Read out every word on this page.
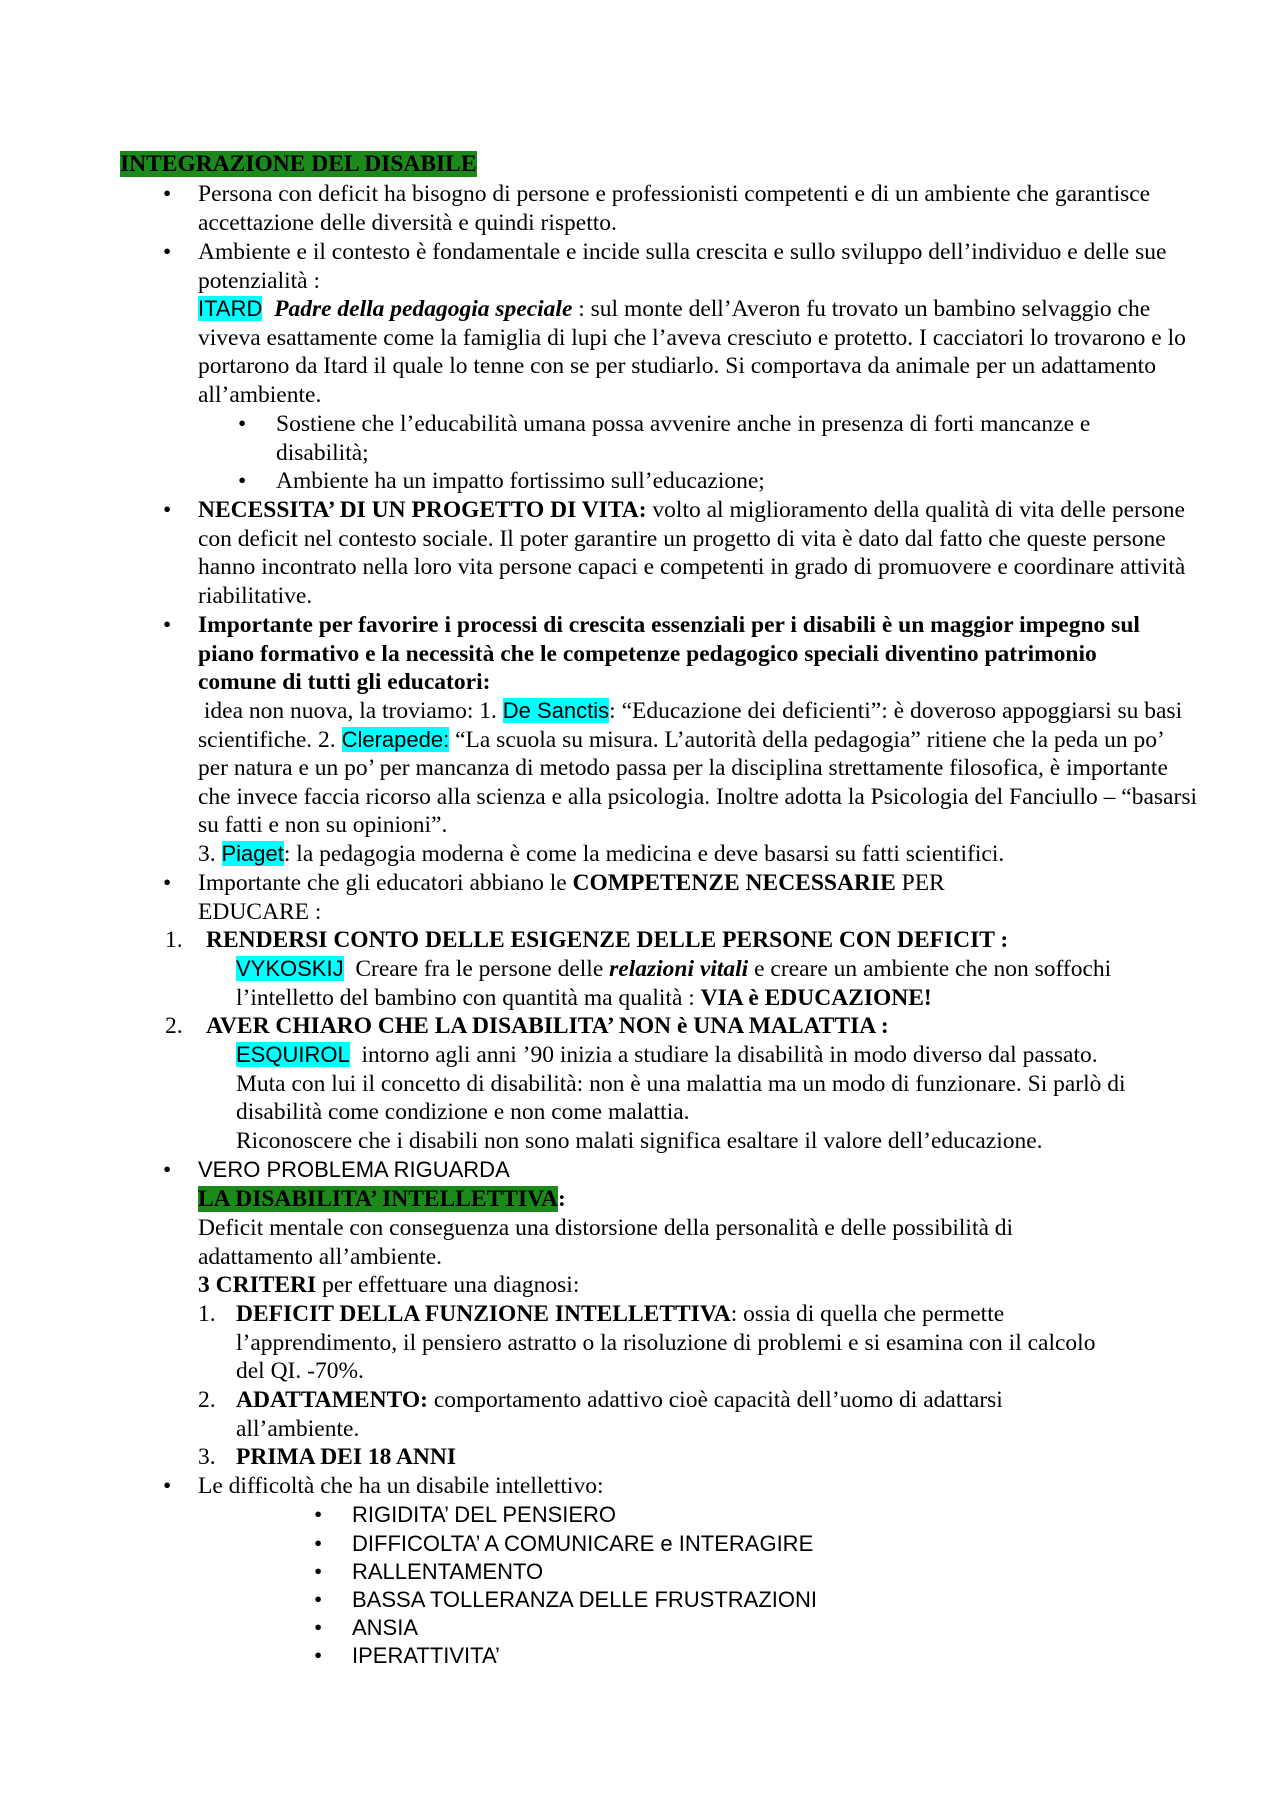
INTEGRAZIONE DEL DISABILE

• Persona con deficit ha bisogno di persone e professionisti competenti e di un ambiente che garantisce accettazione delle diversità e quindi rispetto.

• Ambiente e il contesto è fondamentale e incide sulla crescita e sullo sviluppo dell’individuo e delle sue potenzialità :

ITARD Padre della pedagogia speciale : sul monte dell’Averon fu trovato un bambino selvaggio che viveva esattamente come la famiglia di lupi che l’aveva cresciuto e protetto. I cacciatori lo trovarono e lo portarono da Itard il quale lo tenne con se per studiarlo. Si comportava da animale per un adattamento all’ambiente.

• Sostiene che l’educabilità umana possa avvenire anche in presenza di forti mancanze e disabilità;

• Ambiente ha un impatto fortissimo sull’educazione;

• NECESSITA’ DI UN PROGETTO DI VITA: volto al miglioramento della qualità di vita delle persone con deficit nel contesto sociale. Il poter garantire un progetto di vita è dato dal fatto che queste persone hanno incontrato nella loro vita persone capaci e competenti in grado di promuovere e coordinare attività riabilitative.

• Importante per favorire i processi di crescita essenziali per i disabili è un maggior impegno sul piano formativo e la necessità che le competenze pedagogico speciali diventino patrimonio comune di tutti gli educatori:

idea non nuova, la troviamo: 1. De Sanctis: “Educazione dei deficienti”: è doveroso appoggiarsi su basi scientifiche. 2. Clerapede: “La scuola su misura. L’autorità della pedagogia” ritiene che la peda un po’ per natura e un po’ per mancanza di metodo passa per la disciplina strettamente filosofica, è importante che invece faccia ricorso alla scienza e alla psicologia. Inoltre adotta la Psicologia del Fanciullo – “basarsi su fatti e non su opinioni”.

3. Piaget: la pedagogia moderna è come la medicina e deve basarsi su fatti scientifici.

• Importante che gli educatori abbiano le COMPETENZE NECESSARIE PER

EDUCARE :

1. RENDERSI CONTO DELLE ESIGENZE DELLE PERSONE CON DEFICIT :

VYKOSKIJ Creare fra le persone delle relazioni vitali e creare un ambiente che non soffochi l’intelletto del bambino con quantità ma qualità : VIA è EDUCAZIONE!

2. AVER CHIARO CHE LA DISABILITA’ NON è UNA MALATTIA :

ESQUIROL intorno agli anni ’90 inizia a studiare la disabilità in modo diverso dal passato. Muta con lui il concetto di disabilità: non è una malattia ma un modo di funzionare. Si parlò di disabilità come condizione e non come malattia.

Riconoscere che i disabili non sono malati significa esaltare il valore dell’educazione.

• VERO PROBLEMA RIGUARDA

LA DISABILITA’ INTELLETTIVA:

Deficit mentale con conseguenza una distorsione della personalità e delle possibilità di adattamento all’ambiente.

3 CRITERI per effettuare una diagnosi:

1. DEFICIT DELLA FUNZIONE INTELLETTIVA: ossia di quella che permette l’apprendimento, il pensiero astratto o la risoluzione di problemi e si esamina con il calcolo del QI. -70%.

2. ADATTAMENTO: comportamento adattivo cioè capacità dell’uomo di adattarsi all’ambiente.

3. PRIMA DEI 18 ANNI

• Le difficoltà che ha un disabile intellettivo:

• RIGIDITA’ DEL PENSIERO

• DIFFICOLTA’ A COMUNICARE e INTERAGIRE

• RALLENTAMENTO

• BASSA TOLLERANZA DELLE FRUSTRAZIONI

• ANSIA

• IPERATTIVITA’
